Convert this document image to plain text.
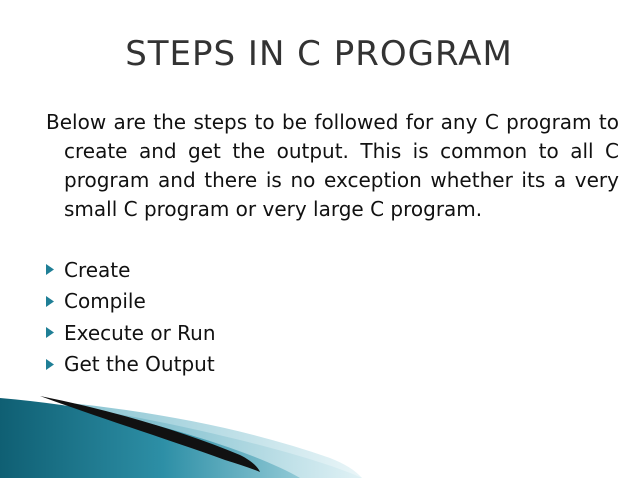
STEPS IN C PROGRAM

Below are the steps to be followed for any C program to create and get the output. This is common to all C program and there is no exception whether its a very small C program or very large C program.

Create
Compile
Execute or Run
Get the Output
